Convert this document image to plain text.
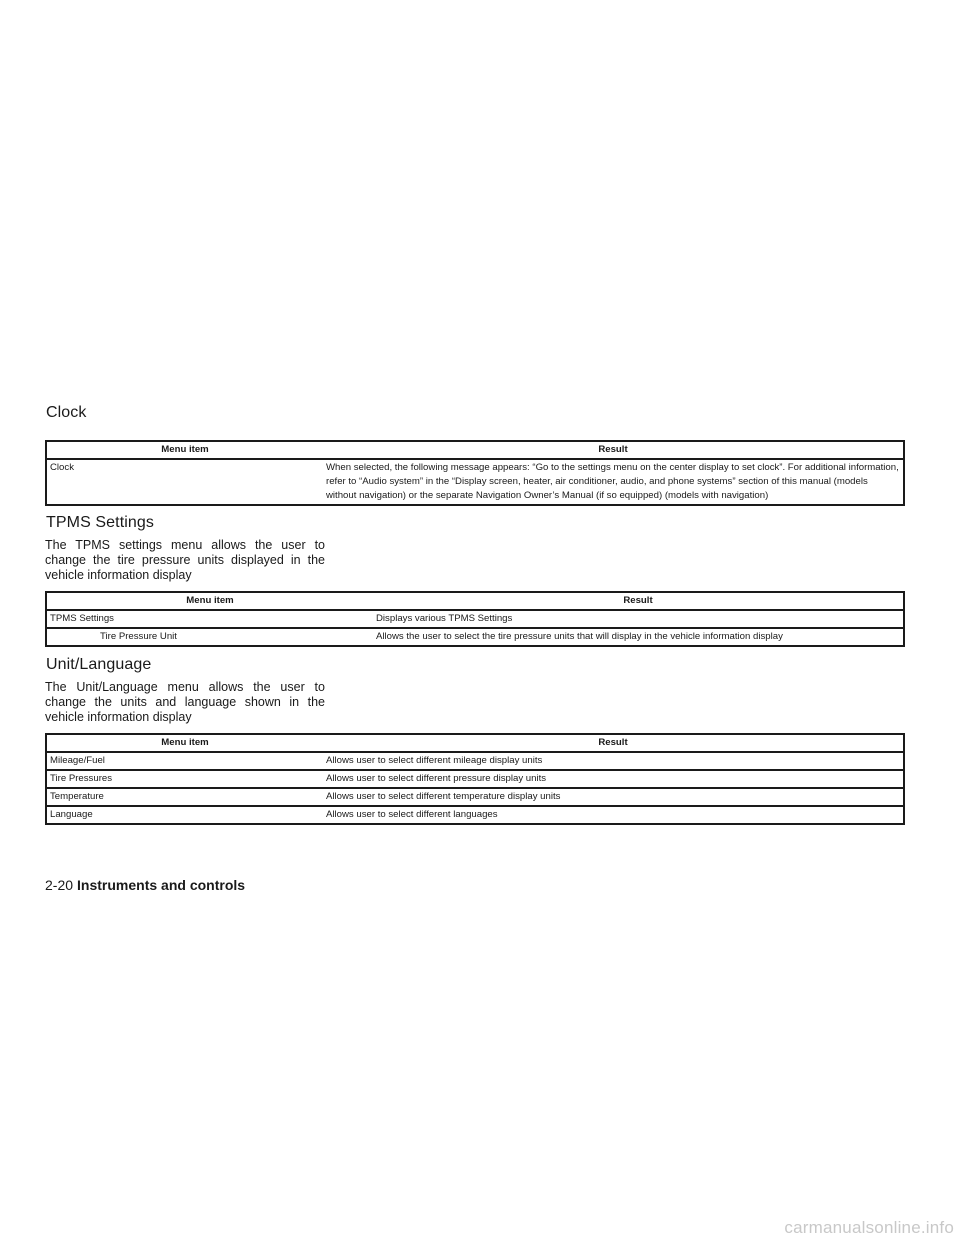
Clock
Menu item	Result
Clock	When selected, the following message appears: “Go to the settings menu on the center display to set clock”. For additional information, refer to “Audio system” in the “Display screen, heater, air conditioner, audio, and phone systems” section of this manual (models without navigation) or the separate Navigation Owner’s Manual (if so equipped) (models with navigation)
TPMS Settings

The TPMS settings menu allows the user to change the tire pressure units displayed in the vehicle information display

Menu item	Result
TPMS Settings	Displays various TPMS Settings
Tire Pressure Unit	Allows the user to select the tire pressure units that will display in the vehicle information display
Unit/Language

The Unit/Language menu allows the user to change the units and language shown in the vehicle information display

Menu item	Result
Mileage/Fuel	Allows user to select different mileage display units
Tire Pressures	Allows user to select different pressure display units
Temperature	Allows user to select different temperature display units
Language	Allows user to select different languages
2-20 Instruments and controls
carmanualsonline.info
